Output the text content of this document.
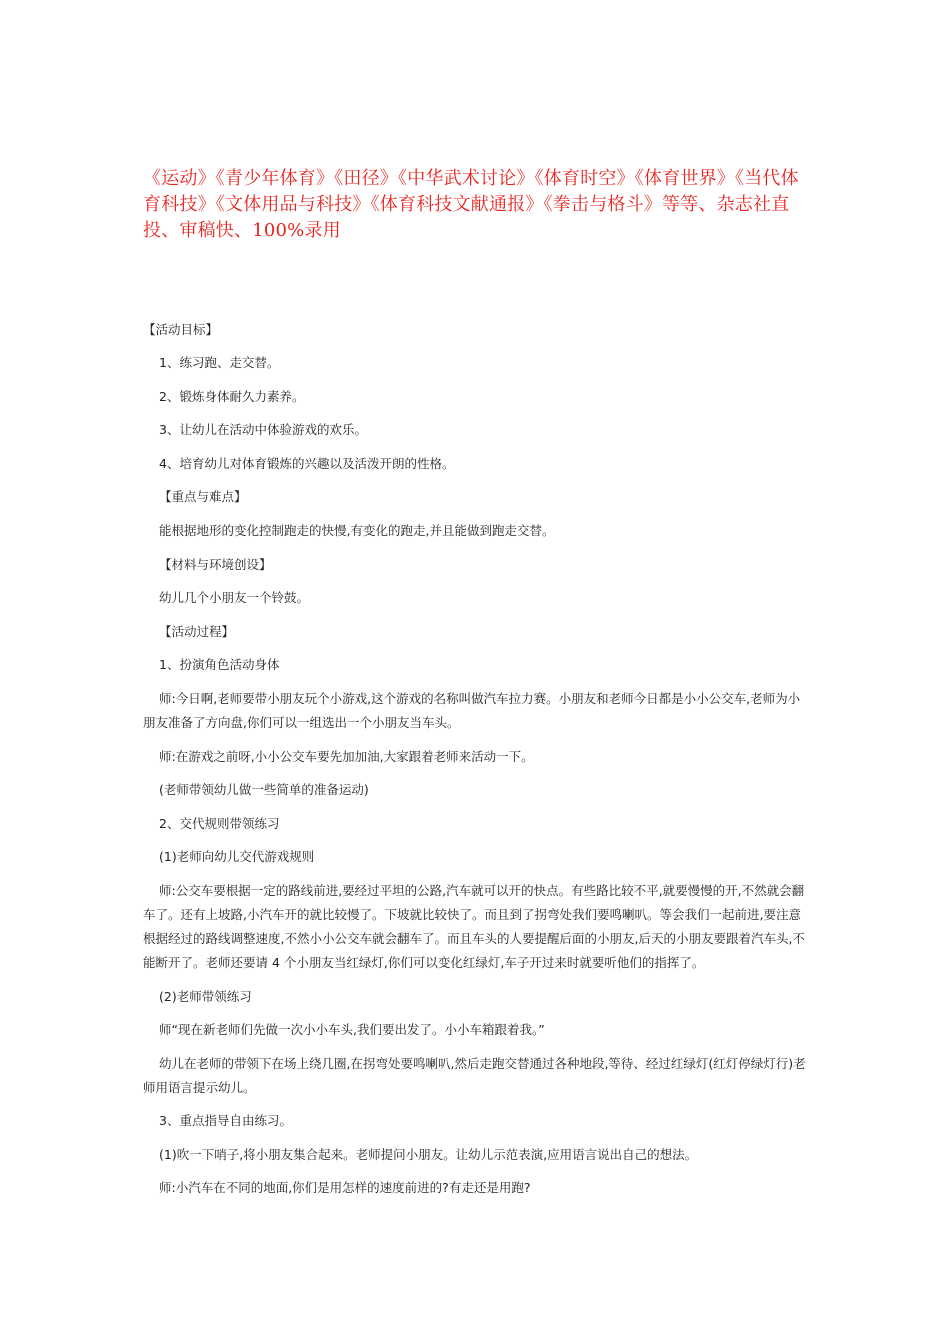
《运动》《青少年体育》《田径》《中华武术讨论》《体育时空》《体育世界》《当代体育科技》《文体用品与科技》《体育科技文献通报》《拳击与格斗》等等、杂志社直投、审稿快、100%录用

【活动目标】

1、练习跑、走交替。

2、锻炼身体耐久力素养。

3、让幼儿在活动中体验游戏的欢乐。

4、培育幼儿对体育锻炼的兴趣以及活泼开朗的性格。

【重点与难点】

能根据地形的变化控制跑走的快慢,有变化的跑走,并且能做到跑走交替。

【材料与环境创设】

幼儿几个小朋友一个铃鼓。

【活动过程】

1、扮演角色活动身体

师:今日啊,老师要带小朋友玩个小游戏,这个游戏的名称叫做汽车拉力赛。小朋友和老师今日都是小小公交车,老师为小朋友准备了方向盘,你们可以一组选出一个小朋友当车头。

师:在游戏之前呀,小小公交车要先加加油,大家跟着老师来活动一下。

(老师带领幼儿做一些简单的准备运动)

2、交代规则带领练习

(1)老师向幼儿交代游戏规则

师:公交车要根据一定的路线前进,要经过平坦的公路,汽车就可以开的快点。有些路比较不平,就要慢慢的开,不然就会翻车了。还有上坡路,小汽车开的就比较慢了。下坡就比较快了。而且到了拐弯处我们要鸣喇叭。等会我们一起前进,要注意根据经过的路线调整速度,不然小小公交车就会翻车了。而且车头的人要提醒后面的小朋友,后天的小朋友要跟着汽车头,不能断开了。老师还要请 4 个小朋友当红绿灯,你们可以变化红绿灯,车子开过来时就要听他们的指挥了。

(2)老师带领练习

师“现在新老师们先做一次小小车头,我们要出发了。小小车箱跟着我。”

幼儿在老师的带领下在场上绕几圈,在拐弯处要鸣喇叭,然后走跑交替通过各种地段,等待、经过红绿灯(红灯停绿灯行)老师用语言提示幼儿。

3、重点指导自由练习。

(1)吹一下哨子,将小朋友集合起来。老师提问小朋友。让幼儿示范表演,应用语言说出自己的想法。

师:小汽车在不同的地面,你们是用怎样的速度前进的?有走还是用跑?
